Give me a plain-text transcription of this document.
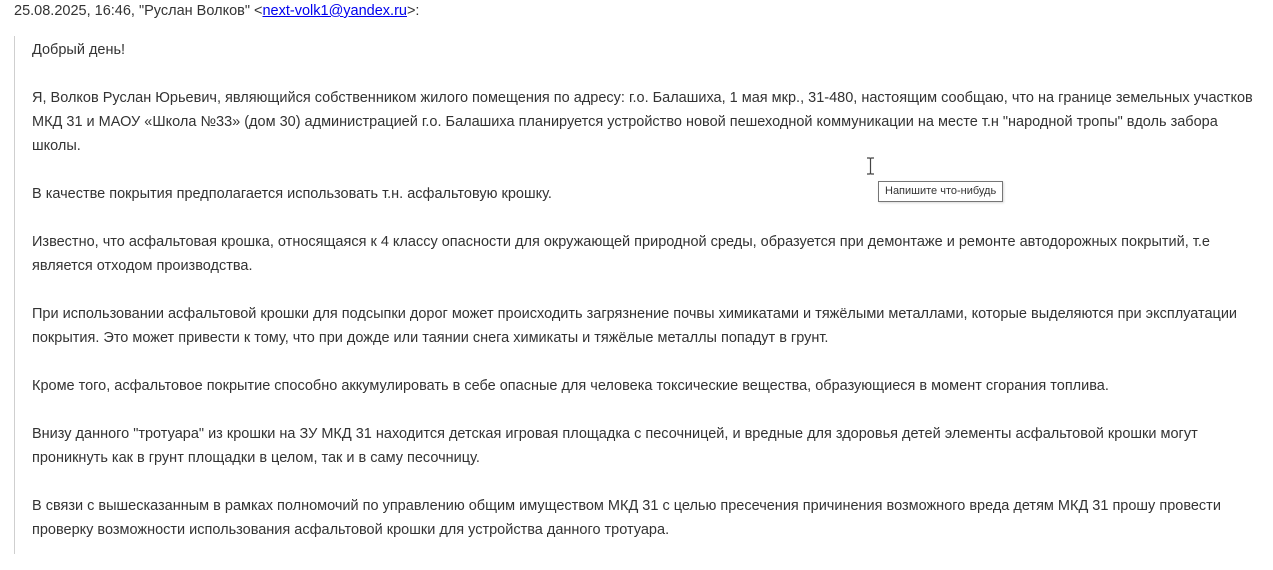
25.08.2025, 16:46, "Руслан Волков" <next-volk1@yandex.ru>:

Добрый день!

Я, Волков Руслан Юрьевич, являющийся собственником жилого помещения по адресу: г.о. Балашиха, 1 мая мкр., 31-480, настоящим сообщаю, что на границе земельных участков МКД 31 и МАОУ «Школа №33» (дом 30) администрацией г.о. Балашиха планируется устройство новой пешеходной коммуникации на месте т.н "народной тропы" вдоль забора школы.

В качестве покрытия предполагается использовать т.н. асфальтовую крошку.

Известно, что асфальтовая крошка, относящаяся к 4 классу опасности для окружающей природной среды, образуется при демонтаже и ремонте автодорожных покрытий, т.е является отходом производства.

При использовании асфальтовой крошки для подсыпки дорог может происходить загрязнение почвы химикатами и тяжёлыми металлами, которые выделяются при эксплуатации покрытия. Это может привести к тому, что при дожде или таянии снега химикаты и тяжёлые металлы попадут в грунт.

Кроме того, асфальтовое покрытие способно аккумулировать в себе опасные для человека токсические вещества, образующиеся в момент сгорания топлива.

Внизу данного "тротуара" из крошки на ЗУ МКД 31 находится детская игровая площадка с песочницей, и вредные для здоровья детей элементы асфальтовой крошки могут проникнуть как в грунт площадки в целом, так и в саму песочницу.

В связи с вышесказанным в рамках полномочий по управлению общим имуществом МКД 31 с целью пресечения причинения возможного вреда детям МКД 31 прошу провести проверку возможности использования асфальтовой крошки для устройства данного тротуара.

Напишите что-нибудь
